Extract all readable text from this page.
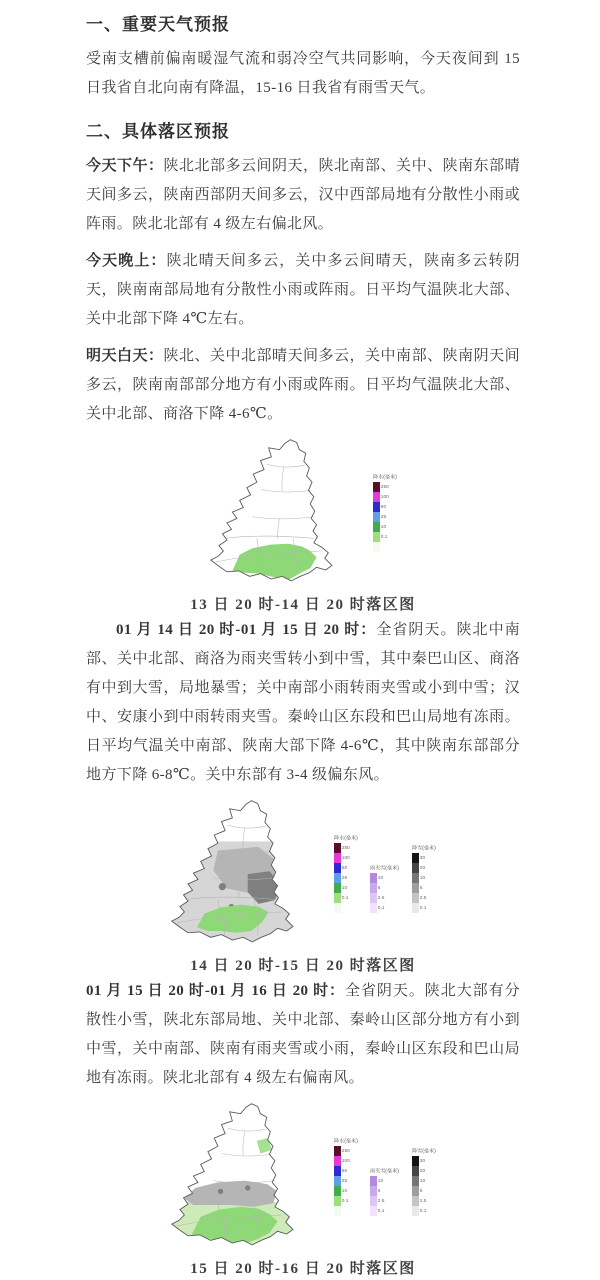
一、重要天气预报

受南支槽前偏南暖湿气流和弱冷空气共同影响，今天夜间到 15 日我省自北向南有降温，15-16 日我省有雨雪天气。

二、具体落区预报

今天下午：陕北北部多云间阴天，陕北南部、关中、陕南东部晴天间多云，陕南西部阴天间多云，汉中西部局地有分散性小雨或阵雨。陕北北部有 4 级左右偏北风。

今天晚上：陕北晴天间多云，关中多云间晴天，陕南多云转阴天，陕南南部局地有分散性小雨或阵雨。日平均气温陕北大部、关中北部下降 4℃左右。

明天白天：陕北、关中北部晴天间多云，关中南部、陕南阴天间多云，陕南南部部分地方有小雨或阵雨。日平均气温陕北大部、关中北部、商洛下降 4-6℃。

降水(毫米)
250
100
50
25
10
0.1
13 日 20 时-14 日 20 时落区图

01 月 14 日 20 时-01 月 15 日 20 时：全省阴天。陕北中南部、关中北部、商洛为雨夹雪转小到中雪，其中秦巴山区、商洛有中到大雪，局地暴雪；关中南部小雨转雨夹雪或小到中雪；汉中、安康小到中雨转雨夹雪。秦岭山区东段和巴山局地有冻雨。日平均气温关中南部、陕南大部下降 4-6℃，其中陕南东部部分地方下降 6-8℃。关中东部有 3-4 级偏东风。

降水(毫米)
250
100
50
25
10
0.1
雨夹雪(毫米)
10
5
2.5
0.1
降雪(毫米)
30
20
10
5
2.5
0.1
14 日 20 时-15 日 20 时落区图

01 月 15 日 20 时-01 月 16 日 20 时：全省阴天。陕北大部有分散性小雪，陕北东部局地、关中北部、秦岭山区部分地方有小到中雪，关中南部、陕南有雨夹雪或小雨，秦岭山区东段和巴山局地有冻雨。陕北北部有 4 级左右偏南风。

降水(毫米)
250
100
50
25
10
0.1
雨夹雪(毫米)
10
5
2.5
0.1
降雪(毫米)
30
20
10
5
2.5
0.1
15 日 20 时-16 日 20 时落区图
